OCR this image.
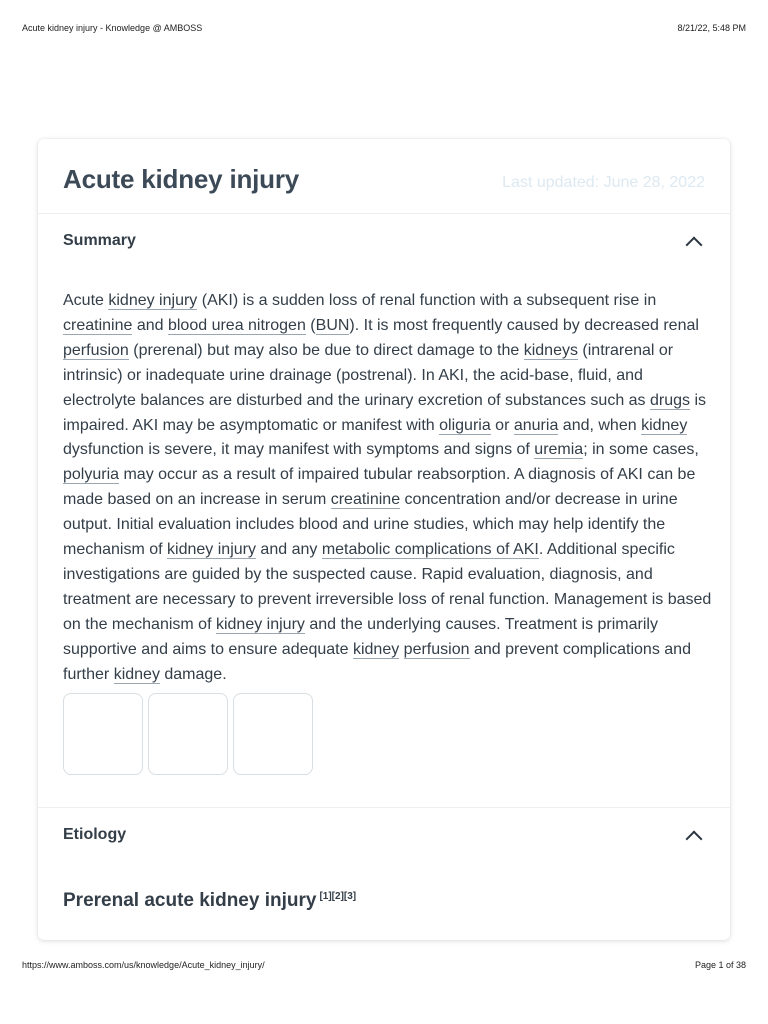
Acute kidney injury - Knowledge @ AMBOSS	8/21/22, 5:48 PM
Acute kidney injury	Last updated: June 28, 2022
Summary

Acute kidney injury (AKI) is a sudden loss of renal function with a subsequent rise in creatinine and blood urea nitrogen (BUN). It is most frequently caused by decreased renal perfusion (prerenal) but may also be due to direct damage to the kidneys (intrarenal or intrinsic) or inadequate urine drainage (postrenal). In AKI, the acid-base, fluid, and electrolyte balances are disturbed and the urinary excretion of substances such as drugs is impaired. AKI may be asymptomatic or manifest with oliguria or anuria and, when kidney dysfunction is severe, it may manifest with symptoms and signs of uremia; in some cases, polyuria may occur as a result of impaired tubular reabsorption. A diagnosis of AKI can be made based on an increase in serum creatinine concentration and/or decrease in urine output. Initial evaluation includes blood and urine studies, which may help identify the mechanism of kidney injury and any metabolic complications of AKI. Additional specific investigations are guided by the suspected cause. Rapid evaluation, diagnosis, and treatment are necessary to prevent irreversible loss of renal function. Management is based on the mechanism of kidney injury and the underlying causes. Treatment is primarily supportive and aims to ensure adequate kidney perfusion and prevent complications and further kidney damage.

Etiology
Prerenal acute kidney injury [1][2][3]
https://www.amboss.com/us/knowledge/Acute_kidney_injury/	Page 1 of 38
